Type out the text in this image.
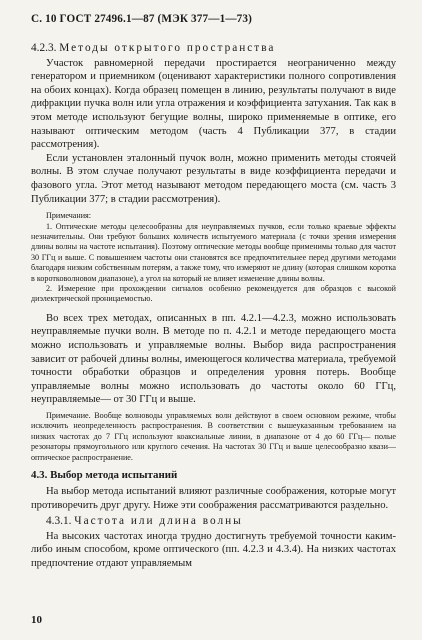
С. 10 ГОСТ 27496.1—87 (МЭК 377—1—73)
4.2.3. Методы открытого пространства

Участок равномерной передачи простирается неограниченно между генератором и приемником (оценивают характеристики полного сопротивления на обоих концах). Когда образец помещен в линию, результаты получают в виде дифракции пучка волн или угла отражения и коэффициента затухания. Так как в этом методе используют бегущие волны, широко применяемые в оптике, его называют оптическим методом (часть 4 Публикации 377, в стадии рассмотрения).

Если установлен эталонный пучок волн, можно применить методы стоячей волны. В этом случае получают результаты в виде коэффициента передачи и фазового угла. Этот метод называют методом передающего моста (см. часть 3 Публикации 377; в стадии рассмотрения).

Примечания:

1. Оптические методы целесообразны для неуправляемых пучков, если только краевые эффекты незначительны. Они требуют больших количеств испытуемого материала (с точки зрения измерения длины волны на частоте испытания). Поэтому оптические методы вообще применимы только для частот 30 ГГц и выше. С повышением частоты они становятся все предпочтительнее перед другими методами благодаря низким собственным потерям, а также тому, что измеряют не длину (которая слишком коротка в коротковолновом диапазоне), а угол на который не влияет изменение длины волны.

2. Измерение при прохождении сигналов особенно рекомендуется для образцов с высокой диэлектрической проницаемостью.

Во всех трех методах, описанных в пп. 4.2.1—4.2.3, можно использовать неуправляемые пучки волн. В методе по п. 4.2.1 и методе передающего моста можно использовать и управляемые волны. Выбор вида распространения зависит от рабочей длины волны, имеющегося количества материала, требуемой точности обработки образцов и определения уровня потерь. Вообще управляемые волны можно использовать до частоты около 60 ГГц, неуправляемые— от 30 ГГц и выше.

Примечание. Вообще волноводы управляемых волн действуют в своем основном режиме, чтобы исключить неопределенность распространения. В соответствии с вышеуказанным требованием на низких частотах до 7 ГГц используют коаксиальные линии, в диапазоне от 4 до 60 ГГц— полые резонаторы прямоугольного или круглого сечения. На частотах 30 ГГц и выше целесообразно квази— оптическое распространение.

4.3. Выбор метода испытаний

На выбор метода испытаний влияют различные соображения, которые могут противоречить друг другу. Ниже эти соображения рассматриваются раздельно.

4.3.1. Частота или длина волны

На высоких частотах иногда трудно достигнуть требуемой точности каким-либо иным способом, кроме оптического (пп. 4.2.3 и 4.3.4). На низких частотах предпочтение отдают управляемым

10
